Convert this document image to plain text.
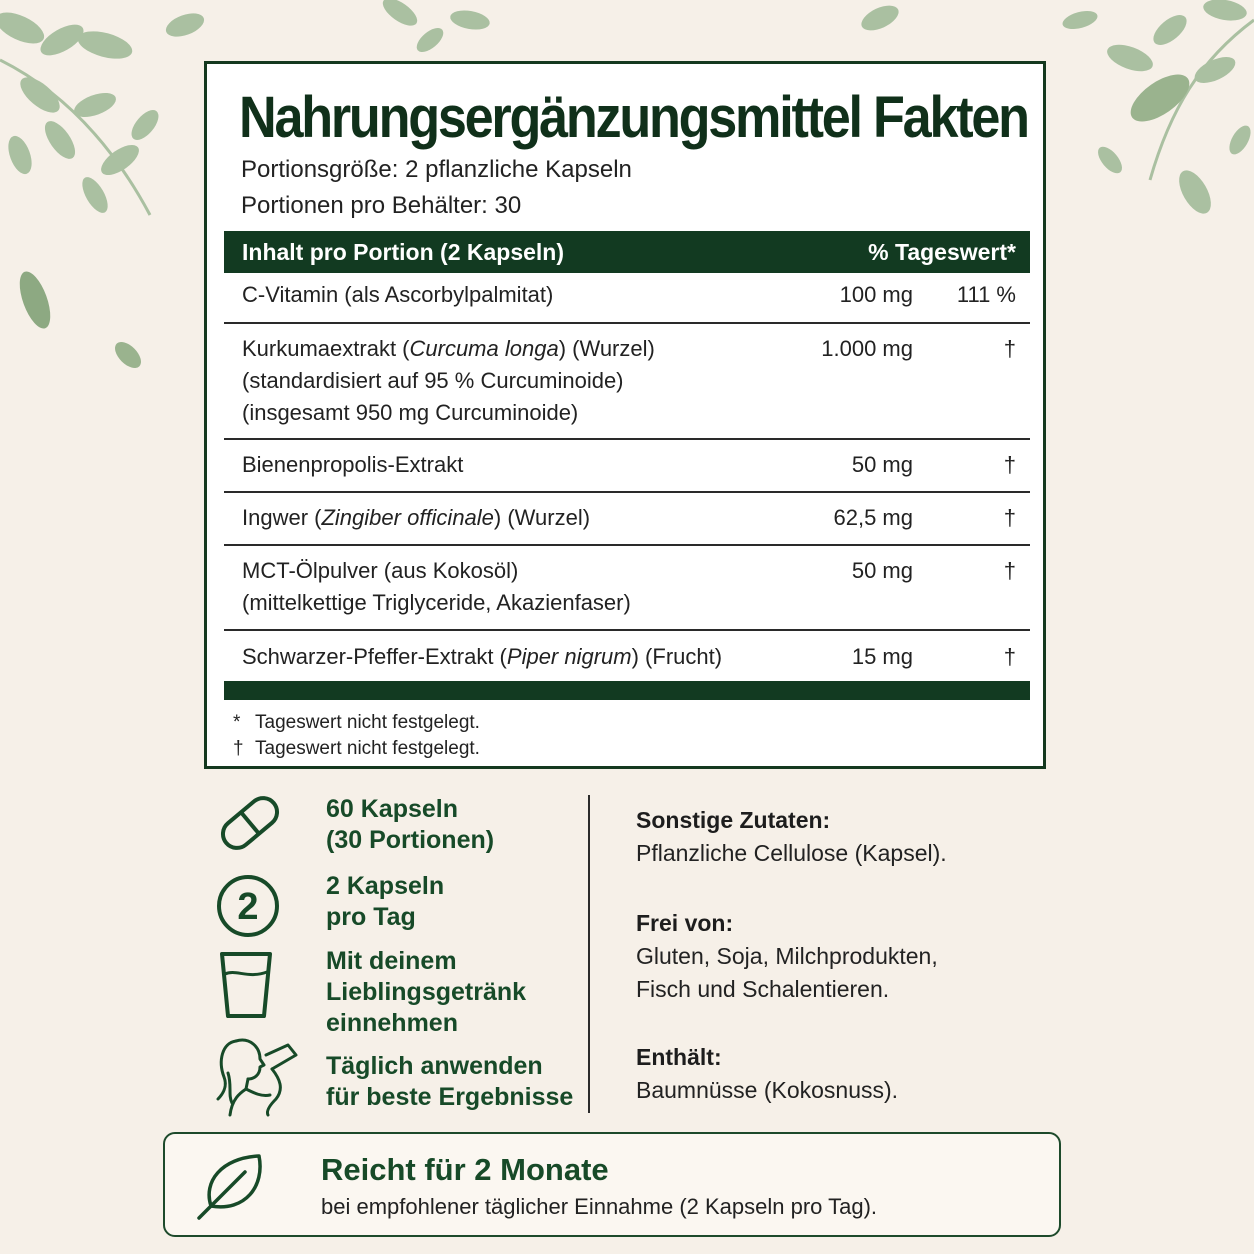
Nahrungsergänzungsmittel Fakten
Portionsgröße: 2 pflanzliche Kapseln
Portionen pro Behälter: 30
Inhalt pro Portion (2 Kapseln)	% Tageswert*
C-Vitamin (als Ascorbylpalmitat)	100 mg 111 %
Kurkumaextrakt (Curcuma longa) (Wurzel)
(standardisiert auf 95 % Curcuminoide)
(insgesamt 950 mg Curcuminoide)
1.000 mg	†
Bienenpropolis-Extrakt	50 mg	†
Ingwer (Zingiber officinale) (Wurzel)	62,5 mg	†
MCT-Ölpulver (aus Kokosöl)
(mittelkettige Triglyceride, Akazienfaser)
50 mg	†
Schwarzer-Pfeffer-Extrakt (Piper nigrum) (Frucht)	15 mg	†
* Tageswert nicht festgelegt.
† Tageswert nicht festgelegt.
60 Kapseln
(30 Portionen)
2	2 Kapseln
pro Tag
Mit deinem
Lieblingsgetränk
einnehmen
Täglich anwenden
für beste Ergebnisse
Sonstige Zutaten:
Pflanzliche Cellulose (Kapsel).
Frei von:
Gluten, Soja, Milchprodukten,
Fisch und Schalentieren.
Enthält:
Baumnüsse (Kokosnuss).
Reicht für 2 Monate
bei empfohlener täglicher Einnahme (2 Kapseln pro Tag).
